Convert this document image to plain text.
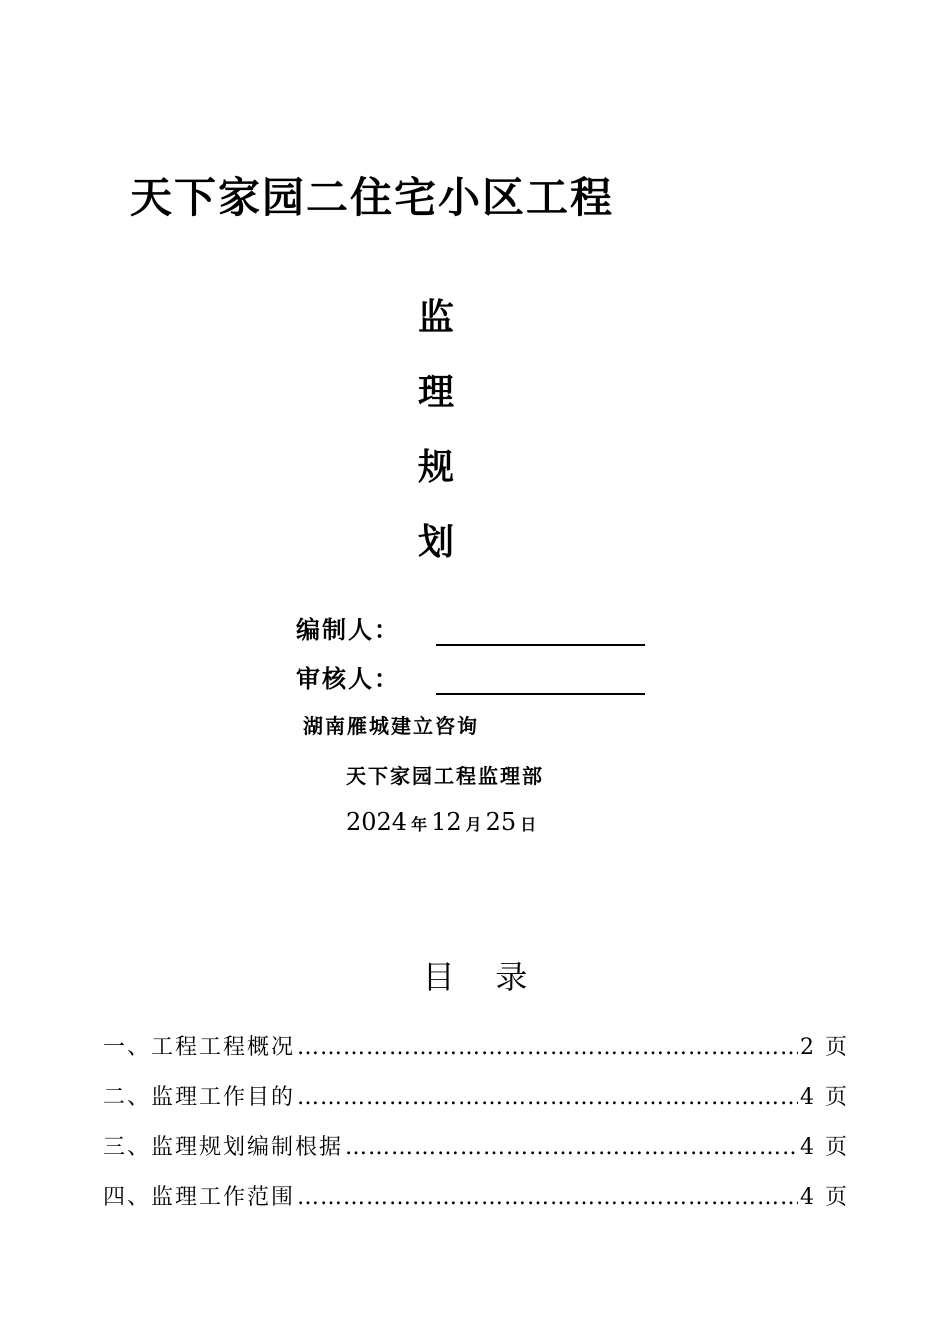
天下家园二住宅小区工程
监
理
规
划
编制人：
审核人：
湖南雁城建立咨询
天下家园工程监理部
2024 年 12 月 25 日
目    录
一、工程工程概况 …………………………………………………………………………………………………………	2 页
二、监理工作目的 …………………………………………………………………………………………………………	4 页
三、监理规划编制根据 …………………………………………………………………………………………………………	4 页
四、监理工作范围 …………………………………………………………………………………………………………	4 页
